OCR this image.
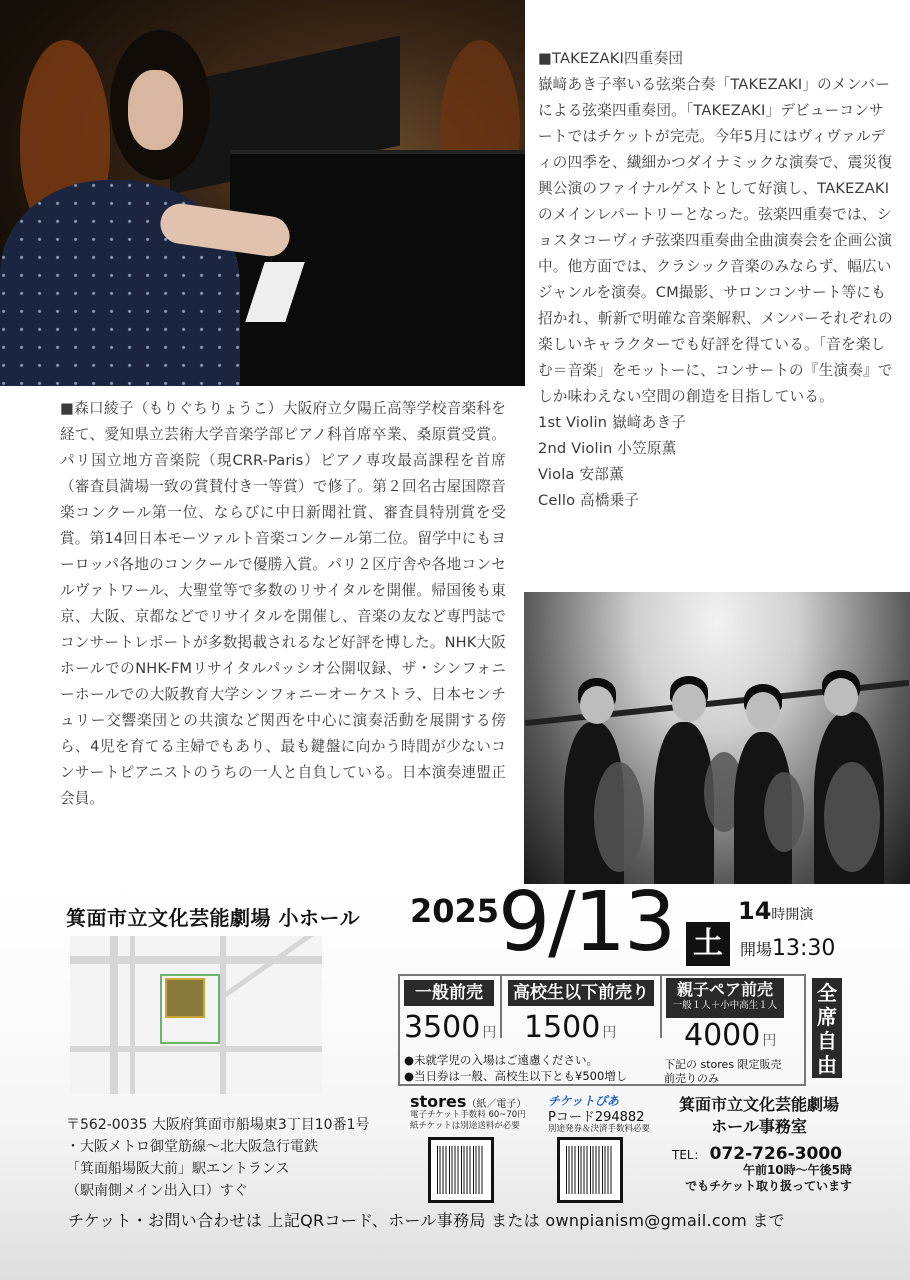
■TAKEZAKI四重奏団

嶽﨑あき子率いる弦楽合奏「TAKEZAKI」のメンバーによる弦楽四重奏団。「TAKEZAKI」デビューコンサートではチケットが完売。今年5月にはヴィヴァルディの四季を、繊細かつダイナミックな演奏で、震災復興公演のファイナルゲストとして好演し、TAKEZAKIのメインレパートリーとなった。弦楽四重奏では、ショスタコーヴィチ弦楽四重奏曲全曲演奏会を企画公演中。他方面では、クラシック音楽のみならず、幅広いジャンルを演奏。CM撮影、サロンコンサート等にも招かれ、斬新で明確な音楽解釈、メンバーそれぞれの楽しいキャラクターでも好評を得ている。「音を楽しむ＝音楽」をモットーに、コンサートの『生演奏』でしか味わえない空間の創造を目指している。

1st Violin 嶽﨑あき子

2nd Violin 小笠原薫

Viola 安部薫

Cello 高橋乗子

■森口綾子（もりぐちりょうこ）大阪府立夕陽丘高等学校音楽科を経て、愛知県立芸術大学音楽学部ピアノ科首席卒業、桑原賞受賞。パリ国立地方音楽院（現CRR-Paris）ピアノ専攻最高課程を首席（審査員満場一致の賞賛付き一等賞）で修了。第２回名古屋国際音楽コンクール第一位、ならびに中日新聞社賞、審査員特別賞を受賞。第14回日本モーツァルト音楽コンクール第二位。留学中にもヨーロッパ各地のコンクールで優勝入賞。パリ２区庁舎や各地コンセルヴァトワール、大聖堂等で多数のリサイタルを開催。帰国後も東京、大阪、京都などでリサイタルを開催し、音楽の友など専門誌でコンサートレポートが多数掲載されるなど好評を博した。NHK大阪ホールでのNHK-FMリサイタルパッシオ公開収録、ザ・シンフォニーホールでの大阪教育大学シンフォニーオーケストラ、日本センチュリー交響楽団との共演など関西を中心に演奏活動を展開する傍ら、4児を育てる主婦でもあり、最も鍵盤に向かう時間が少ないコンサートピアニストのうちの一人と自負している。日本演奏連盟正会員。
箕面市立文化芸能劇場 小ホール
〒562-0035 大阪府箕面市船場東3丁目10番1号
・大阪メトロ御堂筋線～北大阪急行電鉄
「箕面船場阪大前」駅エントランス
（駅南側メイン出入口）すぐ
2025
9/13 土
14時開演
開場13:30
一般前売
3500 円
高校生以下前売り
1500 円
親子ペア前売
一般１人＋小中高生１人
4000 円
全
席
自
由
●未就学児の入場はご遠慮ください。
●当日券は一般、高校生以下とも¥500増し
下記の stores 限定販売
前売りのみ
stores（紙／電子）
電子チケット手数料 60~70円
紙チケットは別途送料が必要
チケットぴあ
Pコード294882
別途発券＆決済手数料必要
箕面市立文化芸能劇場
ホール事務室
TEL： 072-726-3000
午前10時～午後5時
でもチケット取り扱っています
チケット・お問い合わせは 上記QRコード、ホール事務局 または ownpianism@gmail.com まで
